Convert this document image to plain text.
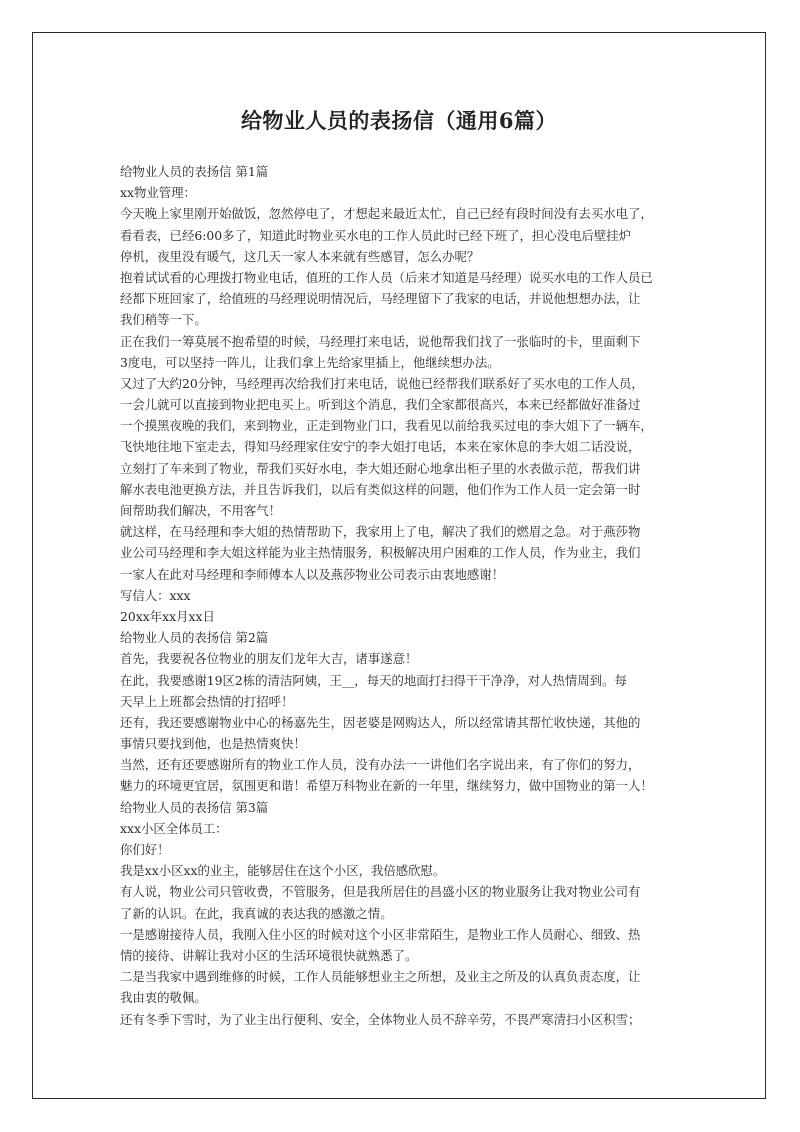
给物业人员的表扬信（通用6篇）
给物业人员的表扬信 第1篇
xx物业管理：
今天晚上家里刚开始做饭，忽然停电了，才想起来最近太忙，自己已经有段时间没有去买水电了，
看看表，已经6:00多了，知道此时物业买水电的工作人员此时已经下班了，担心没电后壁挂炉
停机，夜里没有暖气，这几天一家人本来就有些感冒，怎么办呢？
抱着试试看的心理拨打物业电话，值班的工作人员（后来才知道是马经理）说买水电的工作人员已
经都下班回家了，给值班的马经理说明情况后，马经理留下了我家的电话，并说他想想办法，让
我们稍等一下。
正在我们一筹莫展不抱希望的时候，马经理打来电话，说他帮我们找了一张临时的卡，里面剩下
3度电，可以坚持一阵儿，让我们拿上先给家里插上，他继续想办法。
又过了大约20分钟，马经理再次给我们打来电话，说他已经帮我们联系好了买水电的工作人员，
一会儿就可以直接到物业把电买上。听到这个消息，我们全家都很高兴，本来已经都做好准备过
一个摸黑夜晚的我们，来到物业，正走到物业门口，我看见以前给我买过电的李大姐下了一辆车，
飞快地往地下室走去，得知马经理家住安宁的李大姐打电话，本来在家休息的李大姐二话没说，
立刻打了车来到了物业，帮我们买好水电，李大姐还耐心地拿出柜子里的水表做示范，帮我们讲
解水表电池更换方法，并且告诉我们，以后有类似这样的问题，他们作为工作人员一定会第一时
间帮助我们解决，不用客气！
就这样，在马经理和李大姐的热情帮助下，我家用上了电，解决了我们的燃眉之急。对于燕莎物
业公司马经理和李大姐这样能为业主热情服务，积极解决用户困难的工作人员，作为业主，我们
一家人在此对马经理和李师傅本人以及燕莎物业公司表示由衷地感谢！
写信人：xxx
20xx年xx月xx日
给物业人员的表扬信 第2篇
首先，我要祝各位物业的朋友们龙年大吉，诸事遂意！
在此，我要感谢19区2栋的清洁阿姨，王__，每天的地面打扫得干干净净，对人热情周到。每
天早上上班都会热情的打招呼！
还有，我还要感谢物业中心的杨嘉先生，因老婆是网购达人，所以经常请其帮忙收快递，其他的
事情只要找到他，也是热情爽快！
当然，还有还要感谢所有的物业工作人员，没有办法一一讲他们名字说出来，有了你们的努力，
魅力的环境更宜居，氛围更和谐！希望万科物业在新的一年里，继续努力，做中国物业的第一人！
给物业人员的表扬信 第3篇
xxx小区全体员工：
你们好！
我是xx小区xx的业主，能够居住在这个小区，我倍感欣慰。
有人说，物业公司只管收费，不管服务，但是我所居住的昌盛小区的物业服务让我对物业公司有
了新的认识。在此，我真诚的表达我的感激之情。
一是感谢接待人员，我刚入住小区的时候对这个小区非常陌生，是物业工作人员耐心、细致、热
情的接待、讲解让我对小区的生活环境很快就熟悉了。
二是当我家中遇到维修的时候，工作人员能够想业主之所想，及业主之所及的认真负责态度，让
我由衷的敬佩。
还有冬季下雪时，为了业主出行便利、安全，全体物业人员不辞辛劳，不畏严寒清扫小区积雪；
